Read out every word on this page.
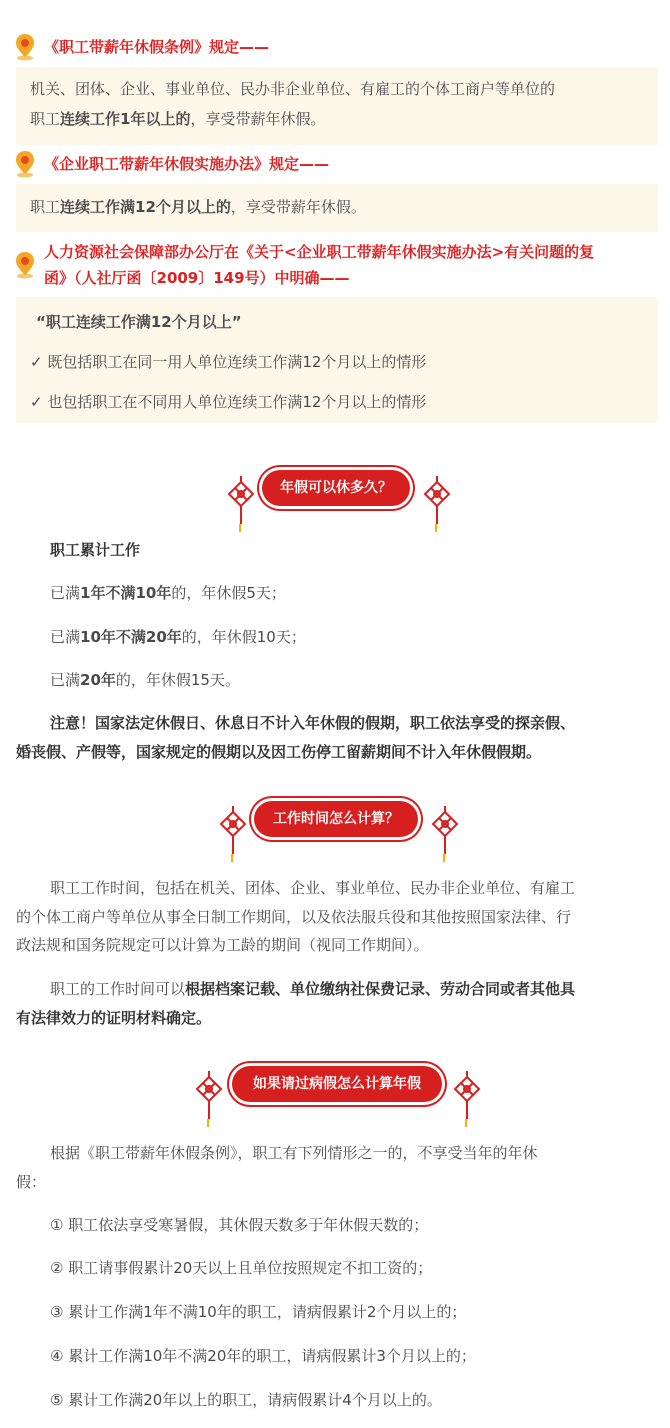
《职工带薪年休假条例》规定——
机关、团体、企业、事业单位、民办非企业单位、有雇工的个体工商户等单位的
职工连续工作1年以上的，享受带薪年休假。
《企业职工带薪年休假实施办法》规定——
职工连续工作满12个月以上的，享受带薪年休假。
人力资源社会保障部办公厅在《关于<企业职工带薪年休假实施办法>有关问题的复
函》（人社厅函〔2009〕149号）中明确——
“职工连续工作满12个月以上”
✓ 既包括职工在同一用人单位连续工作满12个月以上的情形
✓ 也包括职工在不同用人单位连续工作满12个月以上的情形
年假可以休多久？
职工累计工作
已满1年不满10年的，年休假5天；
已满10年不满20年的，年休假10天；
已满20年的，年休假15天。
注意！国家法定休假日、休息日不计入年休假的假期，职工依法享受的探亲假、
婚丧假、产假等，国家规定的假期以及因工伤停工留薪期间不计入年休假假期。
工作时间怎么计算？
职工工作时间，包括在机关、团体、企业、事业单位、民办非企业单位、有雇工
的个体工商户等单位从事全日制工作期间，以及依法服兵役和其他按照国家法律、行
政法规和国务院规定可以计算为工龄的期间（视同工作期间）。
职工的工作时间可以根据档案记载、单位缴纳社保费记录、劳动合同或者其他具
有法律效力的证明材料确定。
如果请过病假怎么计算年假
根据《职工带薪年休假条例》，职工有下列情形之一的，不享受当年的年休
假：
① 职工依法享受寒暑假，其休假天数多于年休假天数的；
② 职工请事假累计20天以上且单位按照规定不扣工资的；
③ 累计工作满1年不满10年的职工，请病假累计2个月以上的；
④ 累计工作满10年不满20年的职工，请病假累计3个月以上的；
⑤ 累计工作满20年以上的职工，请病假累计4个月以上的。
